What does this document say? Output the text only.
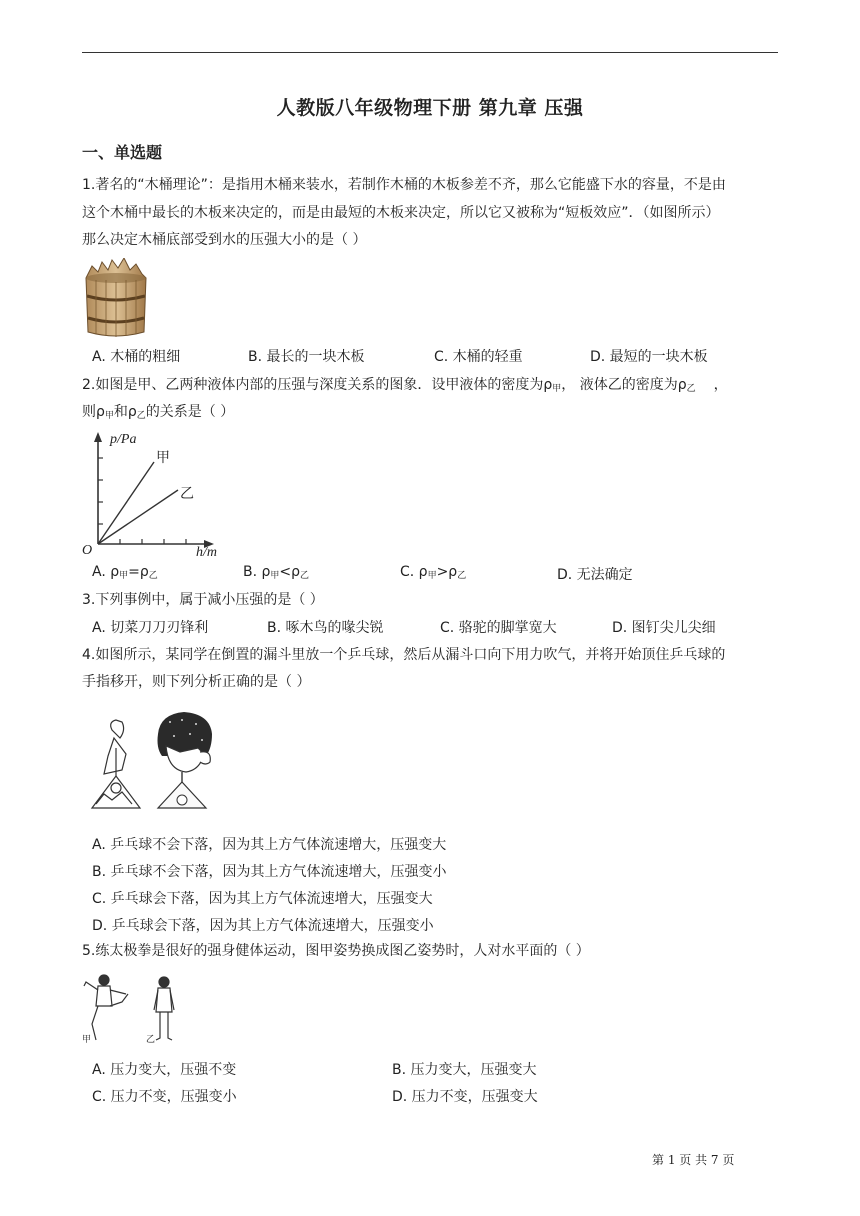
人教版八年级物理下册 第九章 压强
一、单选题
1.著名的“木桶理论”：是指用木桶来装水，若制作木桶的木板参差不齐，那么它能盛下水的容量，不是由
这个木桶中最长的木板来决定的，而是由最短的木板来决定，所以它又被称为“短板效应”．（如图所示）
那么决定木桶底部受到水的压强大小的是（ ）
A. 木桶的粗细	B. 最长的一块木板	C. 木桶的轻重	D. 最短的一块木板
2.如图是甲、乙两种液体内部的压强与深度关系的图象．设甲液体的密度为$\rho_甲$， 液体乙的密度为$\rho_乙$ ，
则$\rho_甲$和$\rho_乙$的关系是（ ）
p/Pa
甲
乙
O	h/m
A. $\rho_甲=\rho_乙$	B. $\rho_甲<\rho_乙$	C. $\rho_甲>\rho_乙$	D. 无法确定
3.下列事例中，属于减小压强的是（ ）
A. 切菜刀刀刃锋利	B. 啄木鸟的喙尖锐	C. 骆驼的脚掌宽大	D. 图钉尖儿尖细
4.如图所示，某同学在倒置的漏斗里放一个乒乓球，然后从漏斗口向下用力吹气，并将开始顶住乒乓球的
手指移开，则下列分析正确的是（ ）
A. 乒乓球不会下落，因为其上方气体流速增大，压强变大
B. 乒乓球不会下落，因为其上方气体流速增大，压强变小
C. 乒乓球会下落，因为其上方气体流速增大，压强变大
D. 乒乓球会下落，因为其上方气体流速增大，压强变小
5.练太极拳是很好的强身健体运动，图甲姿势换成图乙姿势时，人对水平面的（ ）
甲	乙
A. 压力变大，压强不变	B. 压力变大，压强变大
C. 压力不变，压强变小	D. 压力不变，压强变大
第 1 页 共 7 页
